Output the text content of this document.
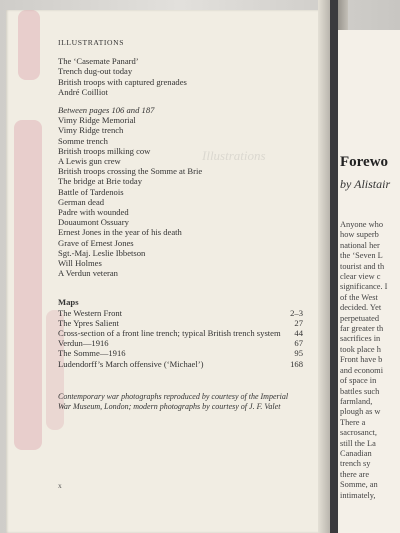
Illustrations
ILLUSTRATIONS
The ‘Casemate Panard’
Trench dug-out today
British troops with captured grenades
André Coilliot
Between pages 106 and 187
Vimy Ridge Memorial
Vimy Ridge trench
Somme trench
British troops milking cow
A Lewis gun crew
British troops crossing the Somme at Brie
The bridge at Brie today
Battle of Tardenois
German dead
Padre with wounded
Douaumont Ossuary
Ernest Jones in the year of his death
Grave of Ernest Jones
Sgt.-Maj. Leslie Ibbetson
Will Holmes
A Verdun veteran
Maps
The Western Front	2–3
The Ypres Salient	27
Cross-section of a front line trench; typical British trench system 44
Verdun—1916	67
The Somme—1916	95
Ludendorff’s March offensive (‘Michael’)	168
Contemporary war photographs reproduced by courtesy of the Imperial
War Museum, London; modern photographs by courtesy of J. F. Valet
x
Forewo
by Alistair
Anyone who
how superb
national her
the ‘Seven L
tourist and th
clear view c
significance. I
of the West
decided. Yet
perpetuated
far greater th
sacrifices in
took place h
Front have b
and economi
of space in
battles such
farmland,
plough as w
There a
sacrosanct,
still the La
Canadian
trench sy
there are
Somme, an
intimately,
